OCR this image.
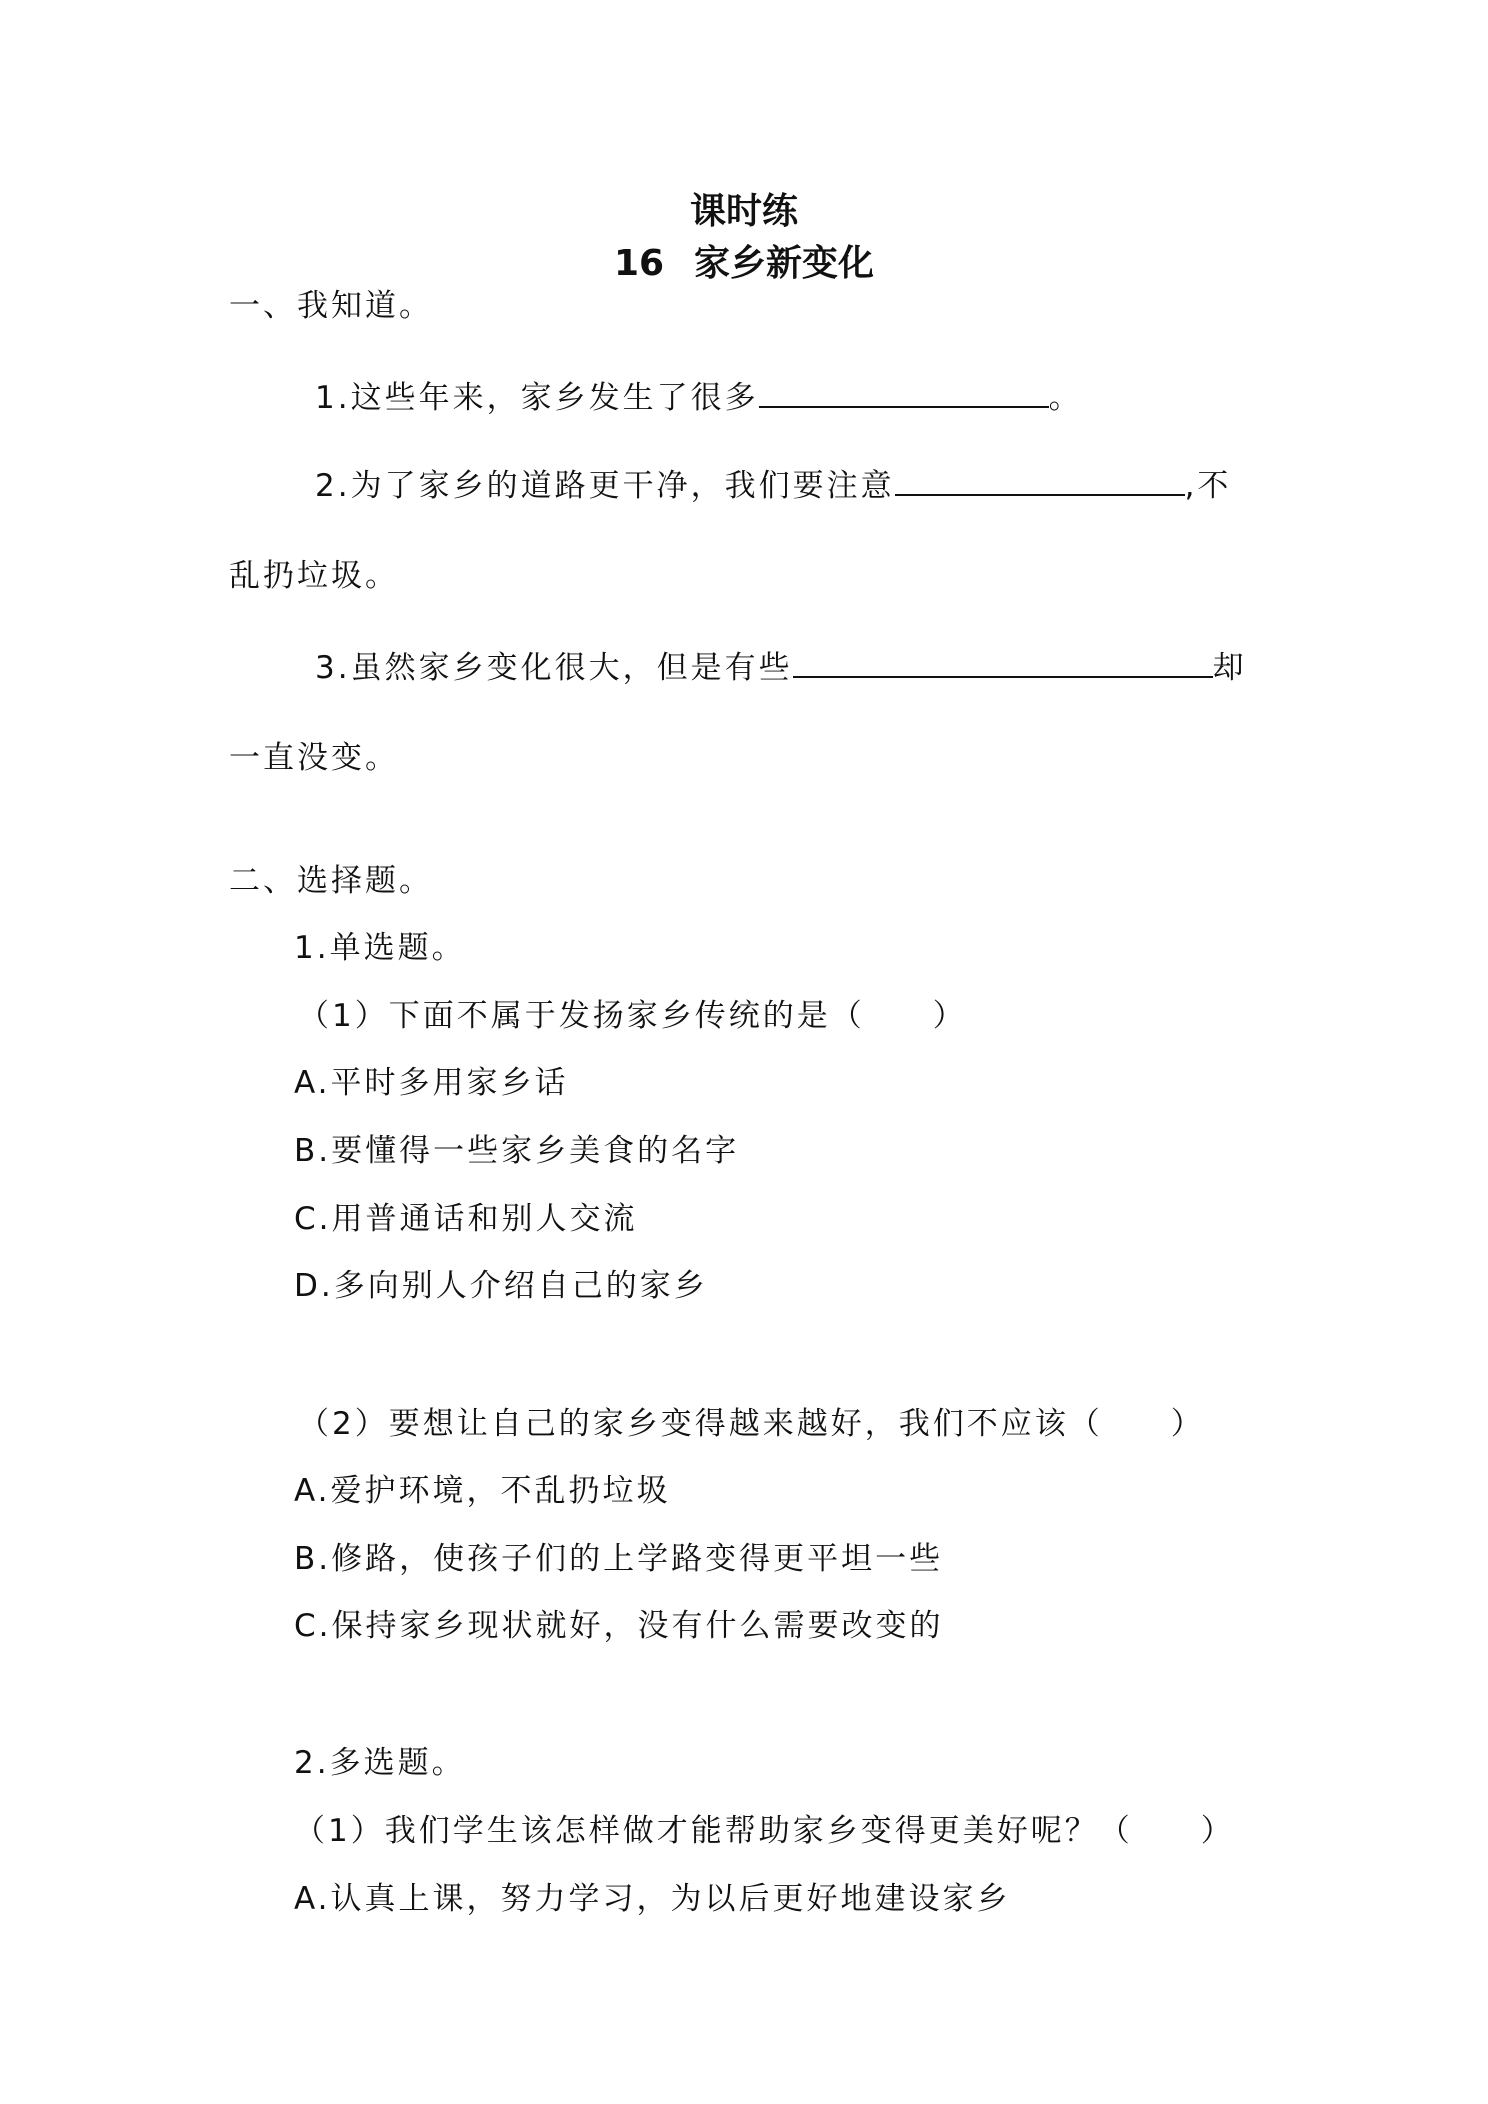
课时练
16 家乡新变化
一、我知道。
1.这些年来，家乡发生了很多	。
2.为了家乡的道路更干净，我们要注意	,不
乱扔垃圾。
3.虽然家乡变化很大，但是有些	却
一直没变。
二、选择题。
1.单选题。
（1）下面不属于发扬家乡传统的是（　　）
A.平时多用家乡话
B.要懂得一些家乡美食的名字
C.用普通话和别人交流
D.多向别人介绍自己的家乡
（2）要想让自己的家乡变得越来越好，我们不应该（　　）
A.爱护环境，不乱扔垃圾
B.修路，使孩子们的上学路变得更平坦一些
C.保持家乡现状就好，没有什么需要改变的
2.多选题。
（1）我们学生该怎样做才能帮助家乡变得更美好呢？（　　）
A.认真上课，努力学习，为以后更好地建设家乡
